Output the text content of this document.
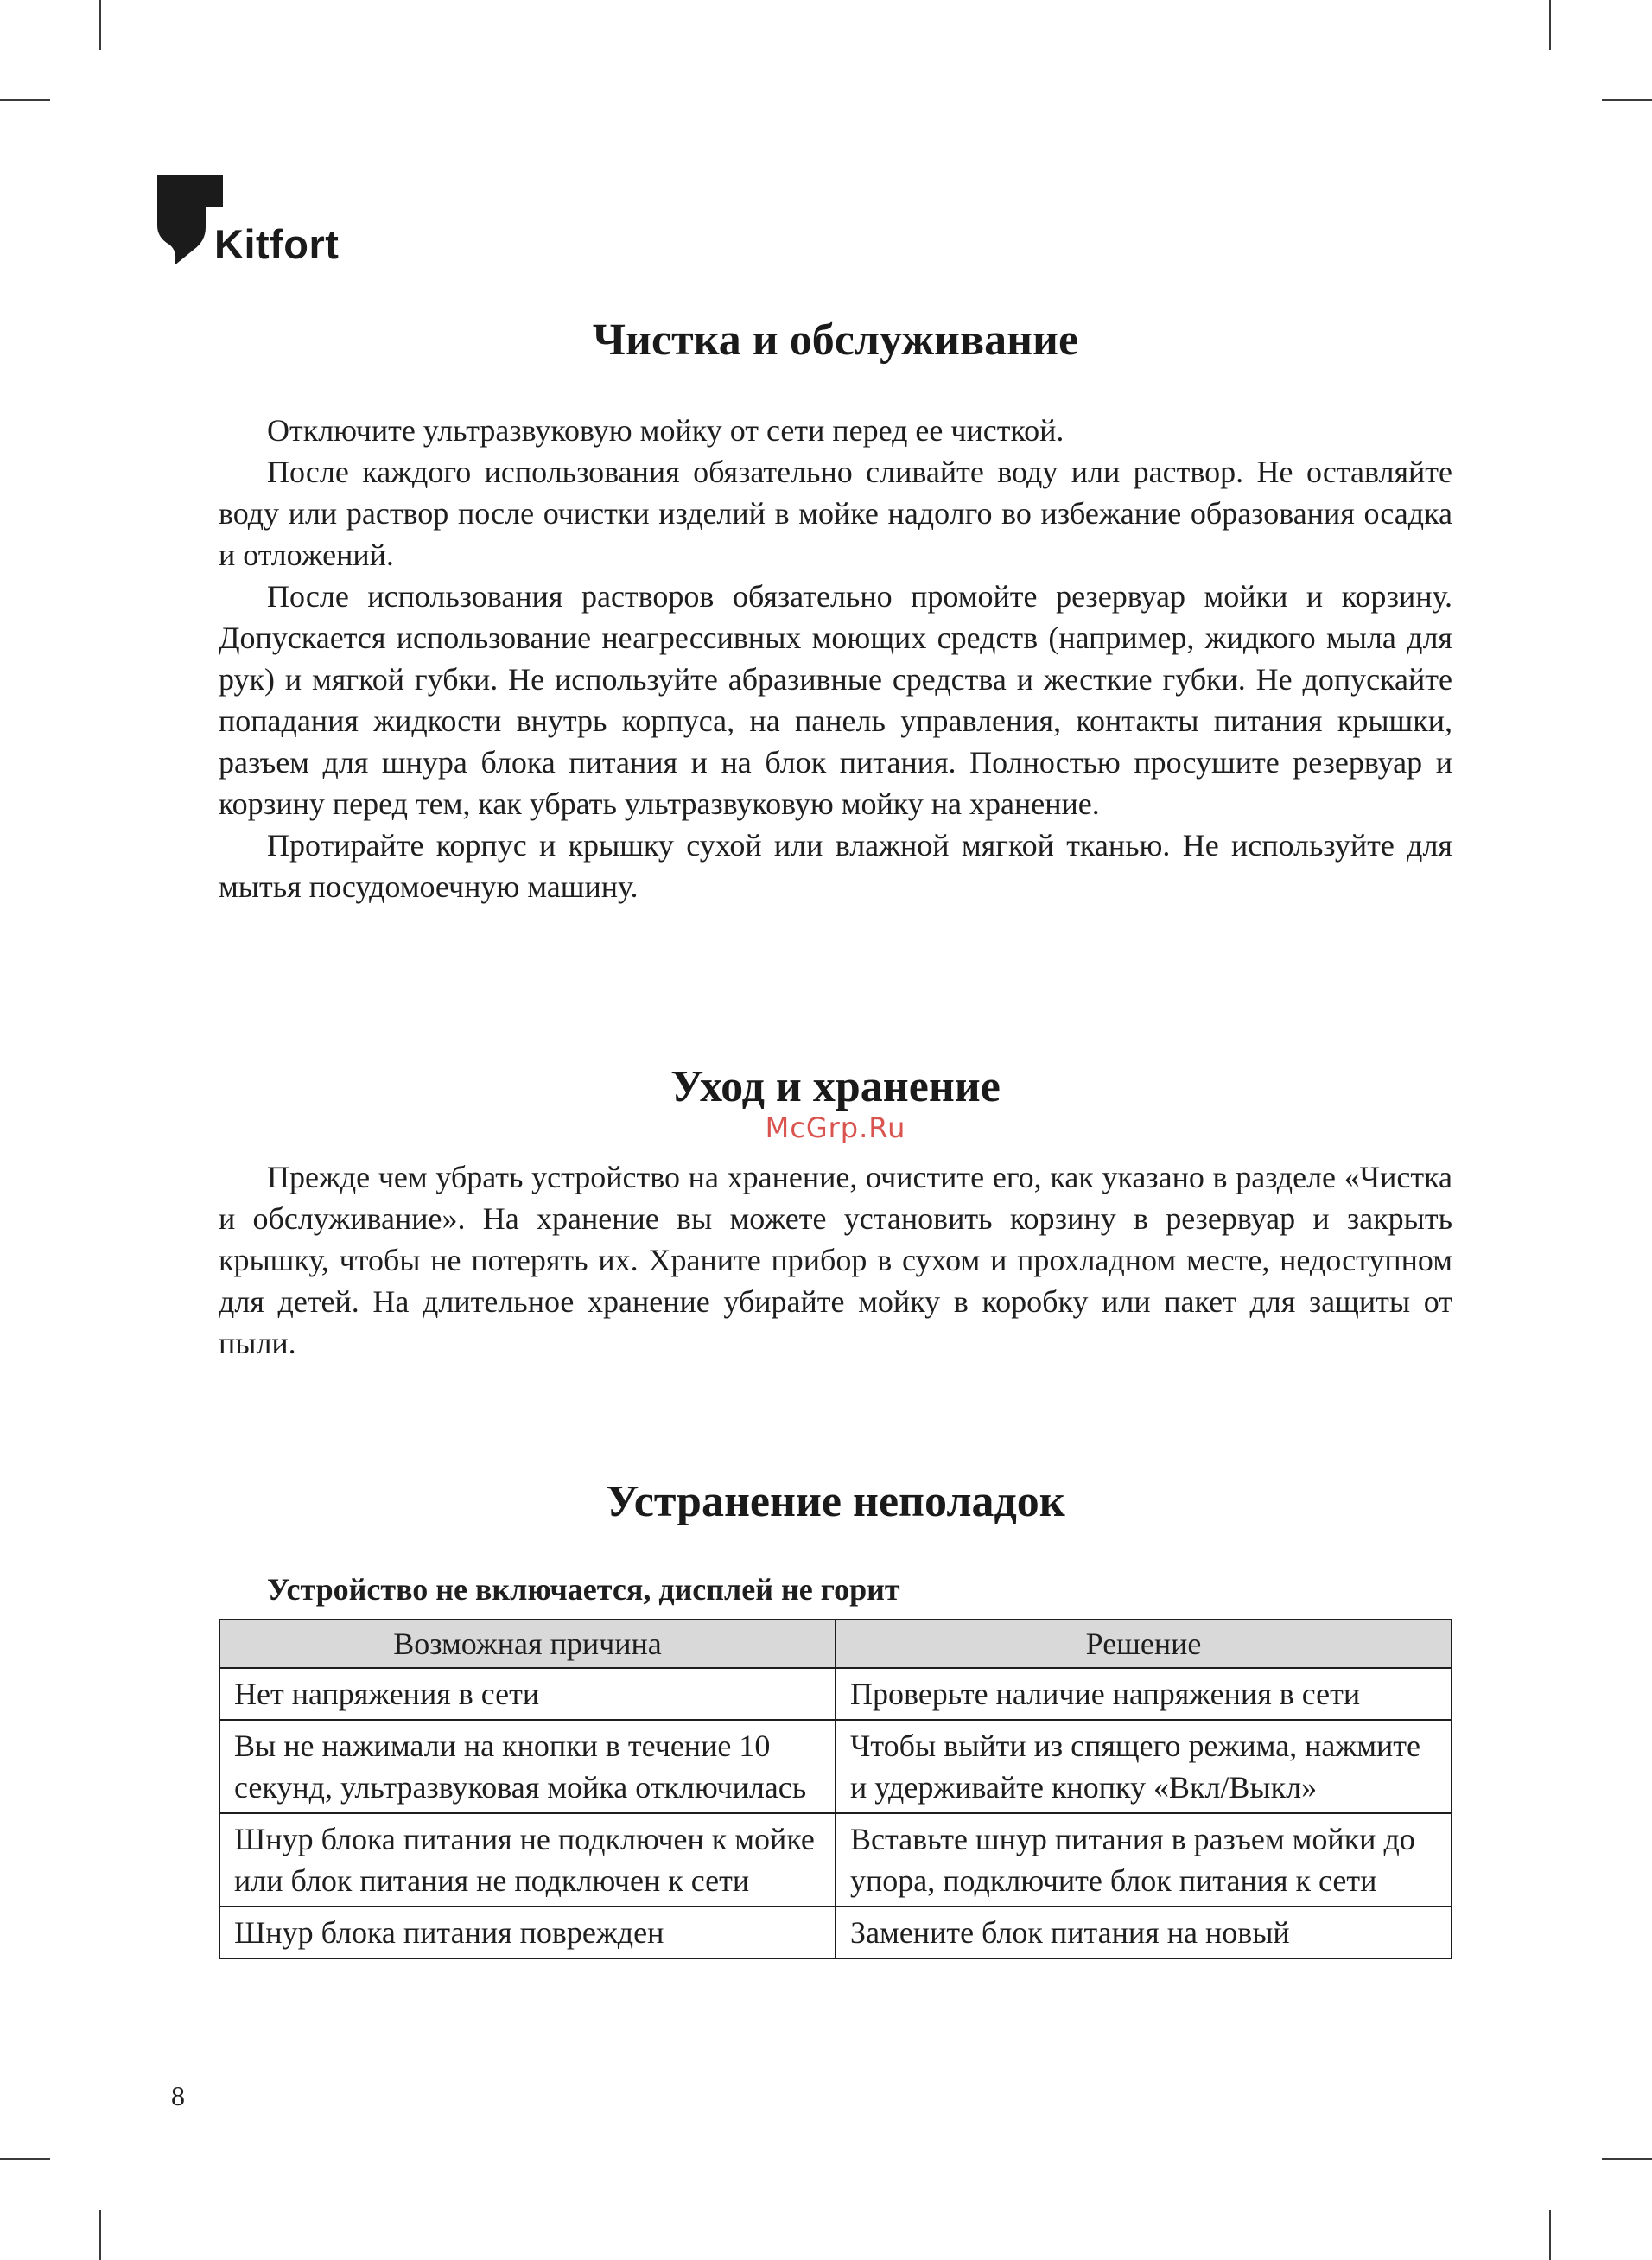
Kitfort
Чистка и обслуживание

Отключите ультразвуковую мойку от сети перед ее чисткой.

После каждого использования обязательно сливайте воду или раствор. Не оставляйте воду или раствор после очистки изделий в мойке надолго во избежание образования осадка и отложений.

После использования растворов обязательно промойте резервуар мойки и корзину. Допускается использование неагрессивных моющих средств (например, жидкого мыла для рук) и мягкой губки. Не используйте абразивные средства и жесткие губки. Не допускайте попадания жидкости внутрь корпуса, на панель управления, контакты питания крышки, разъем для шнура блока питания и на блок питания. Полностью просушите резервуар и корзину перед тем, как убрать ультразвуковую мойку на хранение.

Протирайте корпус и крышку сухой или влажной мягкой тканью. Не используйте для мытья посудомоечную машину.

Уход и хранение
McGrp.Ru

Прежде чем убрать устройство на хранение, очистите его, как указано в разделе «Чистка и обслуживание». На хранение вы можете установить корзину в резервуар и закрыть крышку, чтобы не потерять их. Храните прибор в сухом и прохладном месте, недоступном для детей. На длительное хранение убирайте мойку в коробку или пакет для защиты от пыли.

Устранение неполадок

Устройство не включается, дисплей не горит

Возможная причина	Решение
Нет напряжения в сети	Проверьте наличие напряжения в сети
Вы не нажимали на кнопки в течение 10 секунд, ультразвуковая мойка отключилась	Чтобы выйти из спящего режима, нажмите и удерживайте кнопку «Вкл/Выкл»
Шнур блока питания не подключен к мойке или блок питания не подключен к сети	Вставьте шнур питания в разъем мойки до упора, подключите блок питания к сети
Шнур блока питания поврежден	Замените блок питания на новый
8
